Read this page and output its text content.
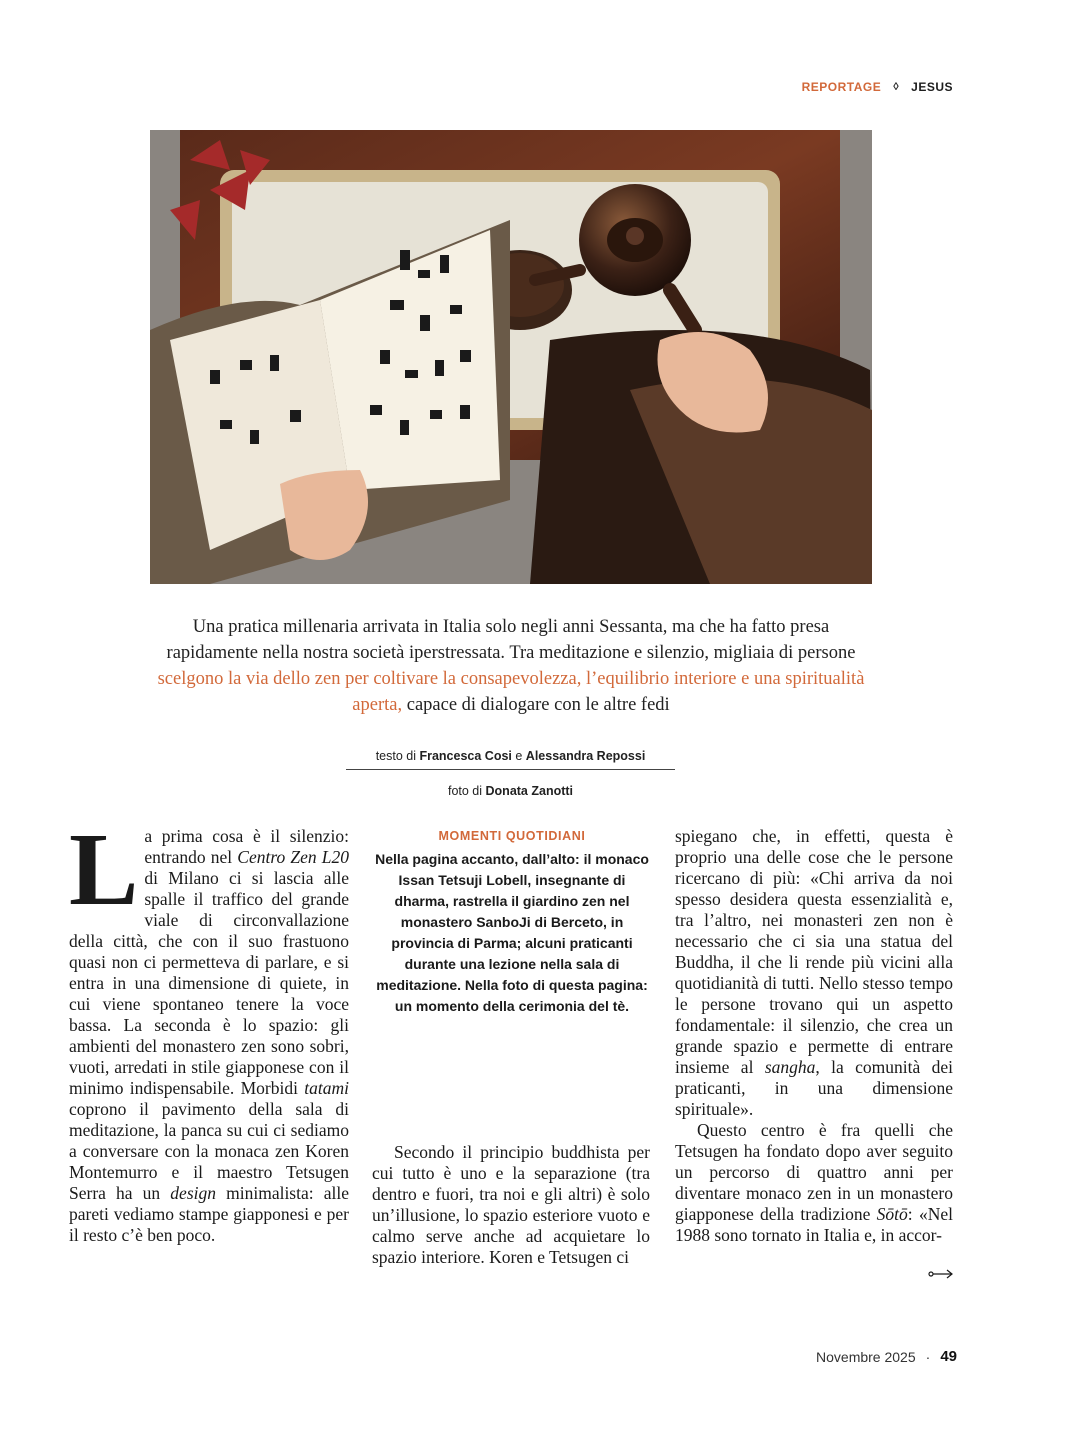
REPORTAGE ◊ JESUS
Una pratica millenaria arrivata in Italia solo negli anni Sessanta, ma che ha fatto presa rapidamente nella nostra società iperstressata. Tra meditazione e silenzio, migliaia di persone scelgono la via dello zen per coltivare la consapevolezza, l’equilibrio interiore e una spiritualità aperta, capace di dialogare con le altre fedi
testo di Francesca Cosi e Alessandra Repossi
foto di Donata Zanotti

La prima cosa è il silenzio: entrando nel Centro Zen L20 di Milano ci si lascia alle spalle il traffico del grande viale di circonvallazione della città, che con il suo frastuono quasi non ci permetteva di parlare, e si entra in una dimensione di quiete, in cui viene spontaneo tenere la voce bassa. La seconda è lo spazio: gli ambienti del monastero zen sono sobri, vuoti, arredati in stile giapponese con il minimo indispensabile. Morbidi tatami coprono il pavimento della sala di meditazione, la panca su cui ci sediamo a conversare con la monaca zen Koren Montemurro e il maestro Tetsugen Serra ha un design minimalista: alle pareti vediamo stampe giapponesi e per il resto c’è ben poco.

MOMENTI QUOTIDIANI
Nella pagina accanto, dall’alto: il monaco Issan Tetsuji Lobell, insegnante di dharma, rastrella il giardino zen nel monastero SanboJi di Berceto, in provincia di Parma; alcuni praticanti durante una lezione nella sala di meditazione. Nella foto di questa pagina: un momento della cerimonia del tè.

Secondo il principio buddhista per cui tutto è uno e la separazione (tra dentro e fuori, tra noi e gli altri) è solo un’illusione, lo spazio esteriore vuoto e calmo serve anche ad acquietare lo spazio interiore. Koren e Tetsugen ci

spiegano che, in effetti, questa è proprio una delle cose che le persone ricercano di più: «Chi arriva da noi spesso desidera questa essenzialità e, tra l’altro, nei monasteri zen non è necessario che ci sia una statua del Buddha, il che li rende più vicini alla quotidianità di tutti. Nello stesso tempo le persone trovano qui un aspetto fondamentale: il silenzio, che crea un grande spazio e permette di entrare insieme al sangha, la comunità dei praticanti, in una dimensione spirituale».

Questo centro è fra quelli che Tetsugen ha fondato dopo aver seguito un percorso di quattro anni per diventare monaco zen in un monastero giapponese della tradizione Sōtō: «Nel 1988 sono tornato in Italia e, in accor-

Novembre 2025 · 49
